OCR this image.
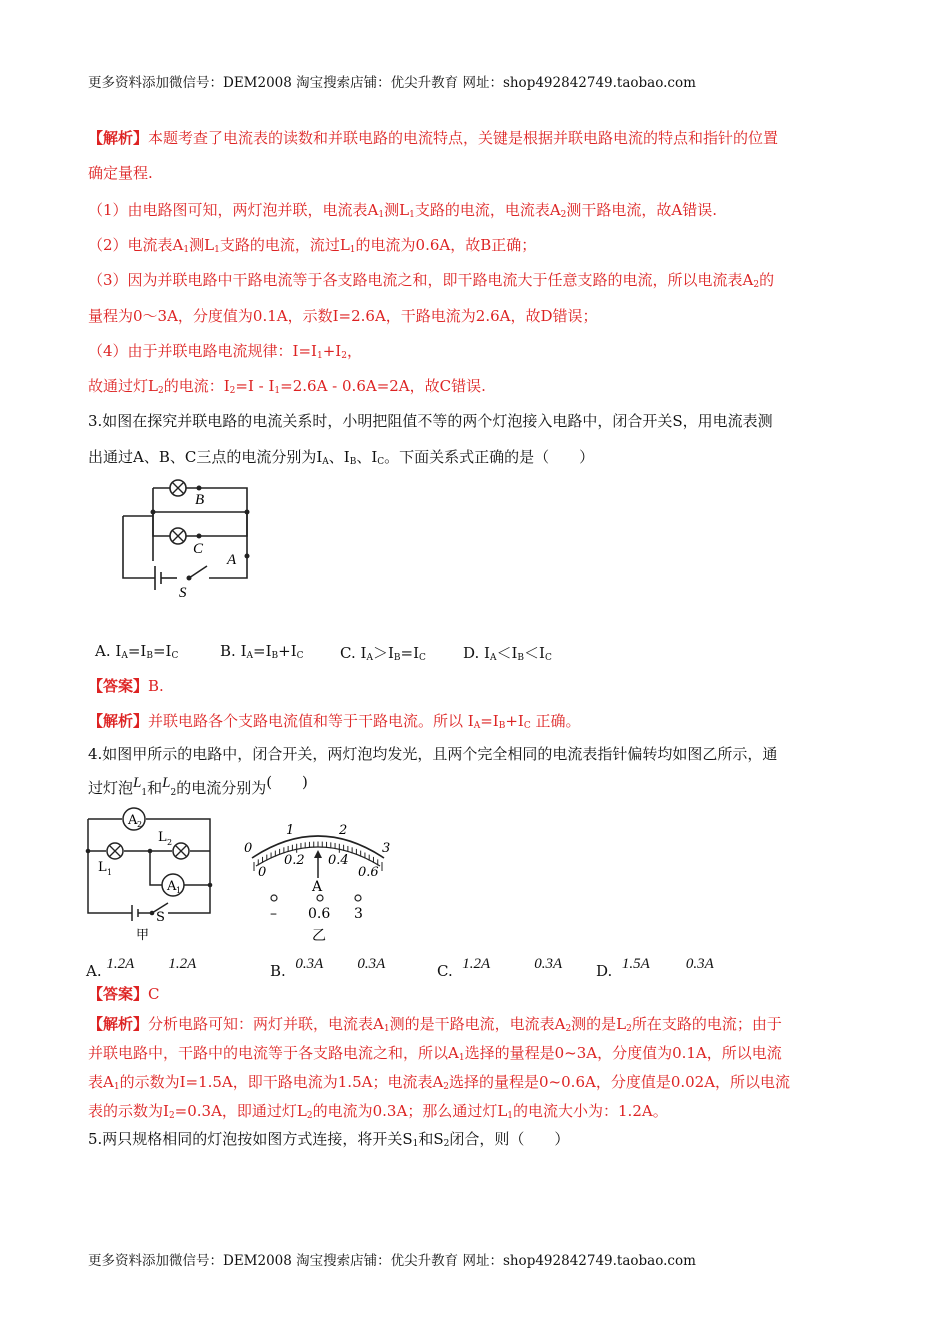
更多资料添加微信号：DEM2008 淘宝搜索店铺：优尖升教育 网址：shop492842749.taobao.com
【解析】本题考查了电流表的读数和并联电路的电流特点，关键是根据并联电路电流的特点和指针的位置
确定量程.
（1）由电路图可知，两灯泡并联，电流表$A_1$测$L_1$支路的电流，电流表$A_2$测干路电流，故A错误.
（2）电流表$A_1$测$L_1$支路的电流，流过$L_1$的电流为0.6A，故B正确；
（3）因为并联电路中干路电流等于各支路电流之和，即干路电流大于任意支路的电流，所以电流表$A_2$的
量程为0～3A，分度值为0.1A，示数I=2.6A，干路电流为2.6A，故D错误；
（4）由于并联电路电流规律：$I=I_1+I_2$，
故通过灯$L_2$的电流：$I_2=I - I_1=2.6A - 0.6A=2A$，故C错误.
3.如图在探究并联电路的电流关系时，小明把阻值不等的两个灯泡接入电路中，闭合开关S，用电流表测
出通过A、B、C三点的电流分别为$I_A$、$I_B$、$I_C$。下面关系式正确的是（　　）
B
C
A
S
A. $I_A=I_B=I_C$	B. $I_A=I_B+I_C$ C. $I_A>I_B=I_C$ D. $I_A<I_B<I_C$
【答案】B.
【解析】并联电路各个支路电流值和等于干路电流。所以 $I_A=I_B+I_C$ 正确。
4.如图甲所示的电路中，闭合开关，两灯泡均发光，且两个完全相同的电流表指针偏转均如图乙所示，通
过灯泡$L_1$和$L_2$的电流分别为(　　)
A 2
A 1
L 1
L 2
S
甲
1	2
3
0
0
0.2 0.4
0.6
A
– 0.6 3
乙
A. 1.2A 1.2A	B. 0.3A 0.3A	C. 1.2A	0.3A D. 1.5A 0.3A
【答案】C
【解析】分析电路可知：两灯并联，电流表$A_1$测的是干路电流，电流表$A_2$测的是$L_2$所在支路的电流；由于
并联电路中，干路中的电流等于各支路电流之和，所以$A_1$选择的量程是0~3A，分度值为0.1A，所以电流
表$A_1$的示数为I=1.5A，即干路电流为1.5A；电流表$A_2$选择的量程是0~0.6A，分度值是0.02A，所以电流
表的示数为$I_2=0.3A$，即通过灯$L_2$的电流为0.3A；那么通过灯$L_1$的电流大小为：1.2A。
5.两只规格相同的灯泡按如图方式连接，将开关$S_1$和$S_2$闭合，则（　　）
更多资料添加微信号：DEM2008 淘宝搜索店铺：优尖升教育 网址：shop492842749.taobao.com
